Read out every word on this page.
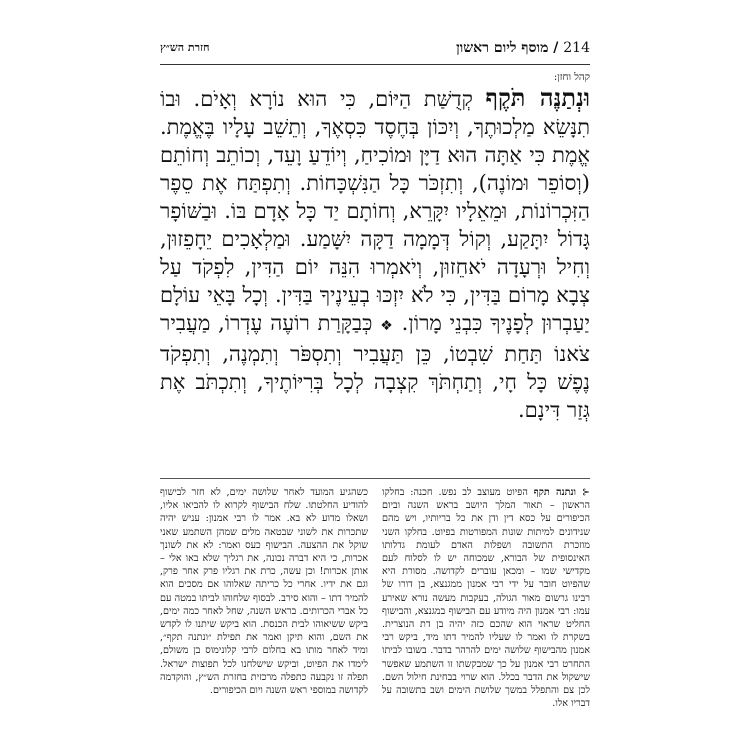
214 / מוסף ליום ראשון
חזרת הש״ץ
קהל וחזן:
וּנְתַנֶּה תֹּקֶף קְדֻשַּׁת הַיּוֹם, כִּי הוּא נוֹרָא וְאָיֹם. וּבוֹ תִנָּשֵׂא מַלְכוּתֶךָ, וְיִכּוֹן בְּחֶסֶד כִּסְאֶךָ, וְתֵשֵׁב עָלָיו בֶּאֱמֶת. אֱמֶת כִּי אַתָּה הוּא דַיָּן וּמוֹכִיחַ, וְיוֹדֵעַ וָעֵד, וְכוֹתֵב וְחוֹתֵם (וְסוֹפֵר וּמוֹנֶה), וְתִזְכֹּר כָּל הַנִּשְׁכָּחוֹת. וְתִפְתַּח אֶת סֵפֶר הַזִּכְרוֹנוֹת, וּמֵאֵלָיו יִקָּרֵא, וְחוֹתָם יַד כָּל אָדָם בּוֹ. וּבַשּׁוֹפָר גָּדוֹל יִתָּקַע, וְקוֹל דְּמָמָה דַקָּה יִשָּׁמַע. וּמַלְאָכִים יֵחָפֵזוּן, וְחִיל וּרְעָדָה יֹאחֵזוּן, וְיֹאמְרוּ הִנֵּה יוֹם הַדִּין, לִפְקֹד עַל צְבָא מָרוֹם בַּדִּין, כִּי לֹא יִזְכּוּ בְעֵינֶיךָ בַּדִּין. וְכָל בָּאֵי עוֹלָם יַעַבְרוּן לְפָנֶיךָ כִּבְנֵי מָרוֹן. ❖ כְּבַקָּרַת רוֹעֶה עֶדְרוֹ, מַעֲבִיר צֹאנוֹ תַּחַת שִׁבְטוֹ, כֵּן תַּעֲבִיר וְתִסְפֹּר וְתִמְנֶה, וְתִפְקֹד נֶפֶשׁ כָּל חָי, וְתַחְתֹּךְ קִצְבָה לְכָל בְּרִיּוֹתֶיךָ, וְתִכְתֹּב אֶת גְּזַר דִּינָם.
⊰ ונתנה תקף הפיוט מעוצב לב נפש. חכנה: בחלקו הראשון – תאור המלך היושב בראש השנה וביום הכיפורים על כסא דין ודן את כל בריותיו, ויש מהם שנידונים למיתות שונות המפורטות בפיוט. בחלקו השני מוזכרת התשובה ושפלות האדם לעומת גדלותו האינסופית של הבורא, שמכוחה יש לו לסלוח לעם מקדישי שמו – ומכאן עוברים לקדושה. מסורת היא שהפיוט חובר על ידי רבי אמנון ממגנצא, בן דורו של רבינו גרשום מאור הגולה, בעקבות מעשה נורא שאירע עמו: רבי אמנון היה מיודע עם הבישוף במגנצא, והבישוף החליט שראוי הוא שהכם כזה יהיה בן דת הנוצרית. בשקרת לו ואמר לו שעליו להמיר דתו מיד, ביקש רבי אמנון מהבישוף שלושה ימים להרהר בדבר. בשובו לביתו התחרט רבי אמנון על כך שמבקשתו זו השתמע שאפשר שישקול את הדבר בכלל. הוא שרוי בבחינת חילול השם. לכן צם והתפלל במשך שלושת הימים ושב בתשובה על דבריו אלו.
כשהגיע המועד לאחר שלושה ימים, לא חזר לבישוף להודיע החלטתו. שלח הבישוף לקרוא לו להביאו אליו, ושאלו מדוע לא בא. אמר לו רבי אמנון: עניש יהיה שתכרות את לשוני שבטאה מלים שמהן השתמע שאני שוקל את ההצעה. הבישוף כעס ואמר: לא את לשונך אכרות, כי היא דברה נכונה, את רגליך שלא באו אלי – אותן אכרות! וכן עשה, כרת את רגליו פרק אחר פרק, וגם את ידיו. אחרי כל כריתה שאלוהו אם מסכים הוא להמיר דתו – והוא סירב. לבסוף שלחוהו לביתו במטה עם כל אברי הכרותים. בראש השנה, שחל לאחר כמה ימים, ביקש ששיאוהו לבית הכנסת. הוא ביקש שיתנו לו לקדש את השם, והוא תיקן ואמר את תפילת ״ונתנה תקף״, ומיד לאחר מותו בא בחלום לרבי קלונימוס בן משולם, לימדו את הפיוט, וביקש שישלחנו לכל תפוצות ישראל. תפלה זו נקבעה כתפלה מרכזית בחזרת הש״ץ, והוקדמה לקדושה במוספי ראש השנה ויום הכיפורים.
